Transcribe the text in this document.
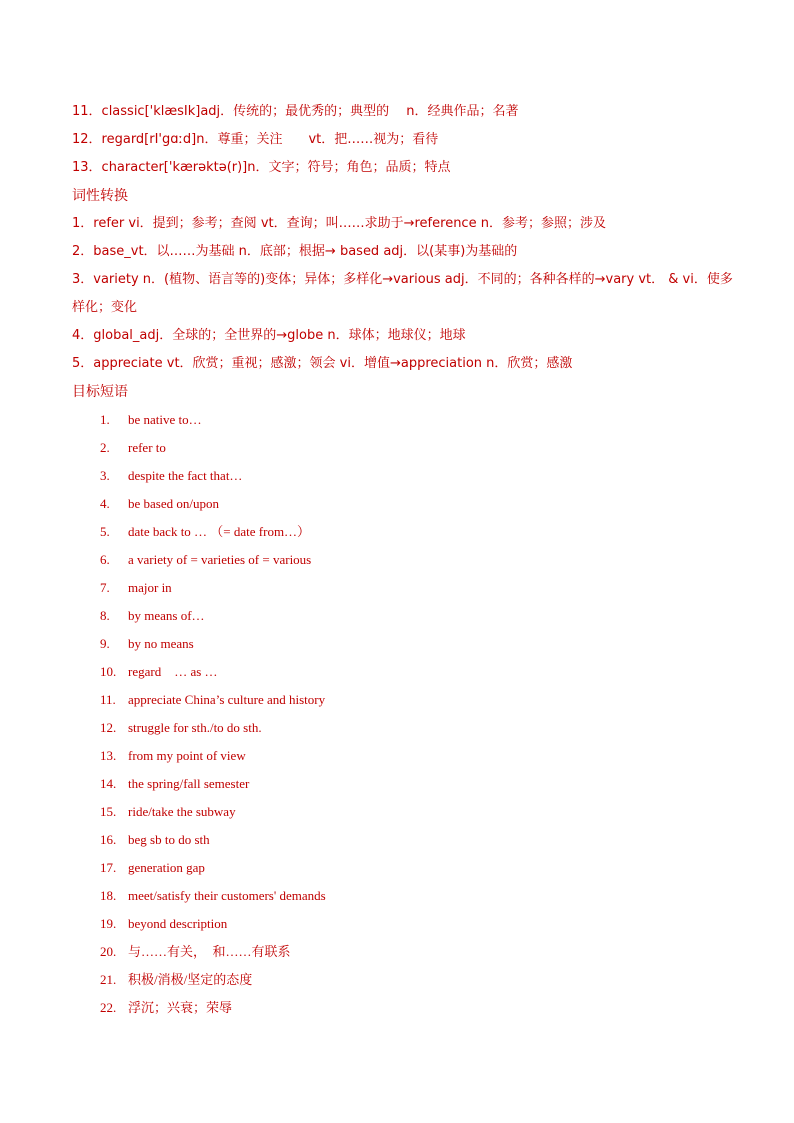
11．classic['klæsIk]adj．传统的；最优秀的；典型的　 n．经典作品；名著
12．regard[rI'gɑːd]n．尊重；关注　　vt．把……视为；看待
13．character['kærəktə(r)]n．文字；符号；角色；品质；特点
词性转换
1．refer vi．提到；参考；查阅 vt．查询；叫……求助于→reference n．参考；参照；涉及
2．base_vt．以……为基础 n．底部；根据→ based adj．以(某事)为基础的
3．variety n．(植物、语言等的)变体；异体；多样化→various adj．不同的；各种各样的→vary vt． & vi．使多样化；变化
4．global_adj．全球的；全世界的→globe n．球体；地球仪；地球
5．appreciate vt．欣赏；重视；感激；领会 vi．增值→appreciation n．欣赏；感激
目标短语
1. be native to…
2. refer to
3. despite the fact that…
4. be based on/upon
5. date back to … （= date from…）
6. a variety of = varieties of = various
7. major in
8. by means of…
9. by no means
10. regard　… as …
11. appreciate China’s culture and history
12. struggle for sth./to do sth.
13.from my point of view
14. the spring/fall semester
15. ride/take the subway
16. beg sb to do sth
17. generation gap
18.meet/satisfy their customers' demands
19. beyond description
20. 与……有关，　和……有联系
21. 积极/消极/坚定的态度
22. 浮沉；兴衰；荣辱
